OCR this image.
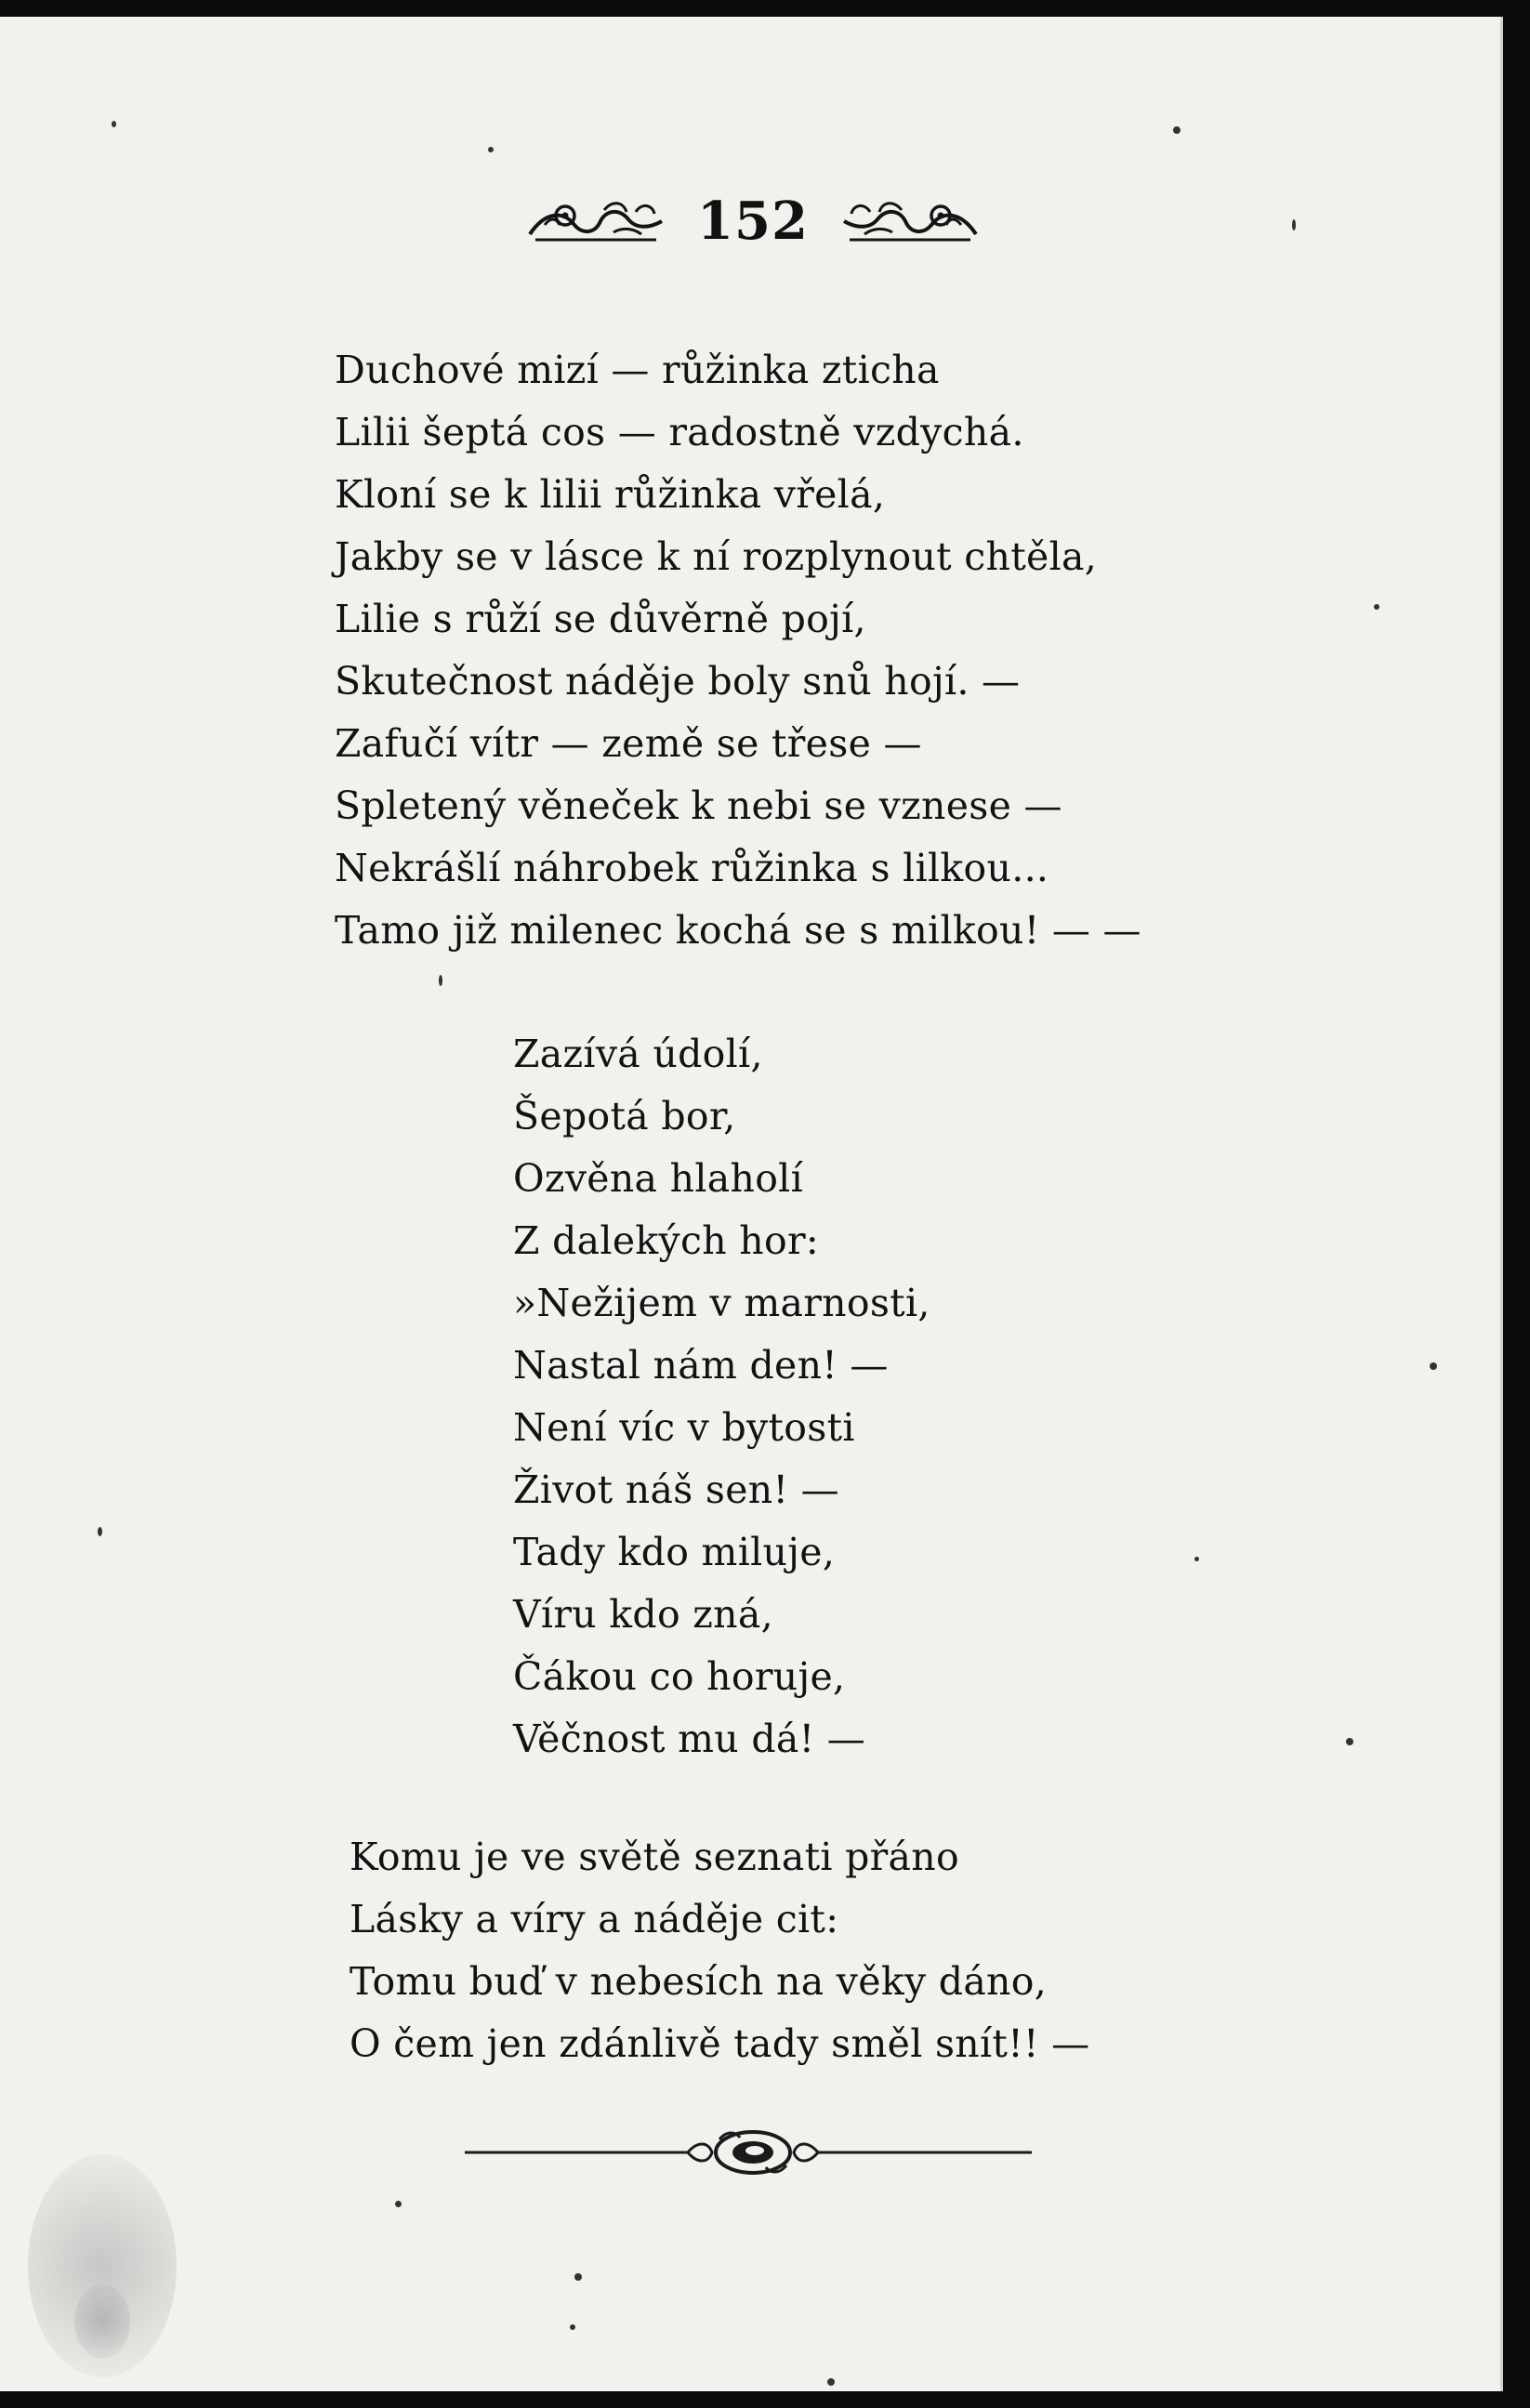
152
Duchové mizí — růžinka zticha
Lilii šeptá cos — radostně vzdychá.
Kloní se k lilii růžinka vřelá,
Jakby se v lásce k ní rozplynout chtěla,
Lilie s růží se důvěrně pojí,
Skutečnost náděje boly snů hojí. —
Zafučí vítr — země se třese —
Spletený věneček k nebi se vznese —
Nekrášlí náhrobek růžinka s lilkou...
Tamo již milenec kochá se s milkou! — —
Zazívá údolí,
Šepotá bor,
Ozvěna hlaholí
Z dalekých hor:
»Nežijem v marnosti,
Nastal nám den! —
Není víc v bytosti
Život náš sen! —
Tady kdo miluje,
Víru kdo zná,
Čákou co horuje,
Věčnost mu dá! —
Komu je ve světě seznati přáno
Lásky a víry a náděje cit:
Tomu buď v nebesích na věky dáno,
O čem jen zdánlivě tady směl snít!! —
